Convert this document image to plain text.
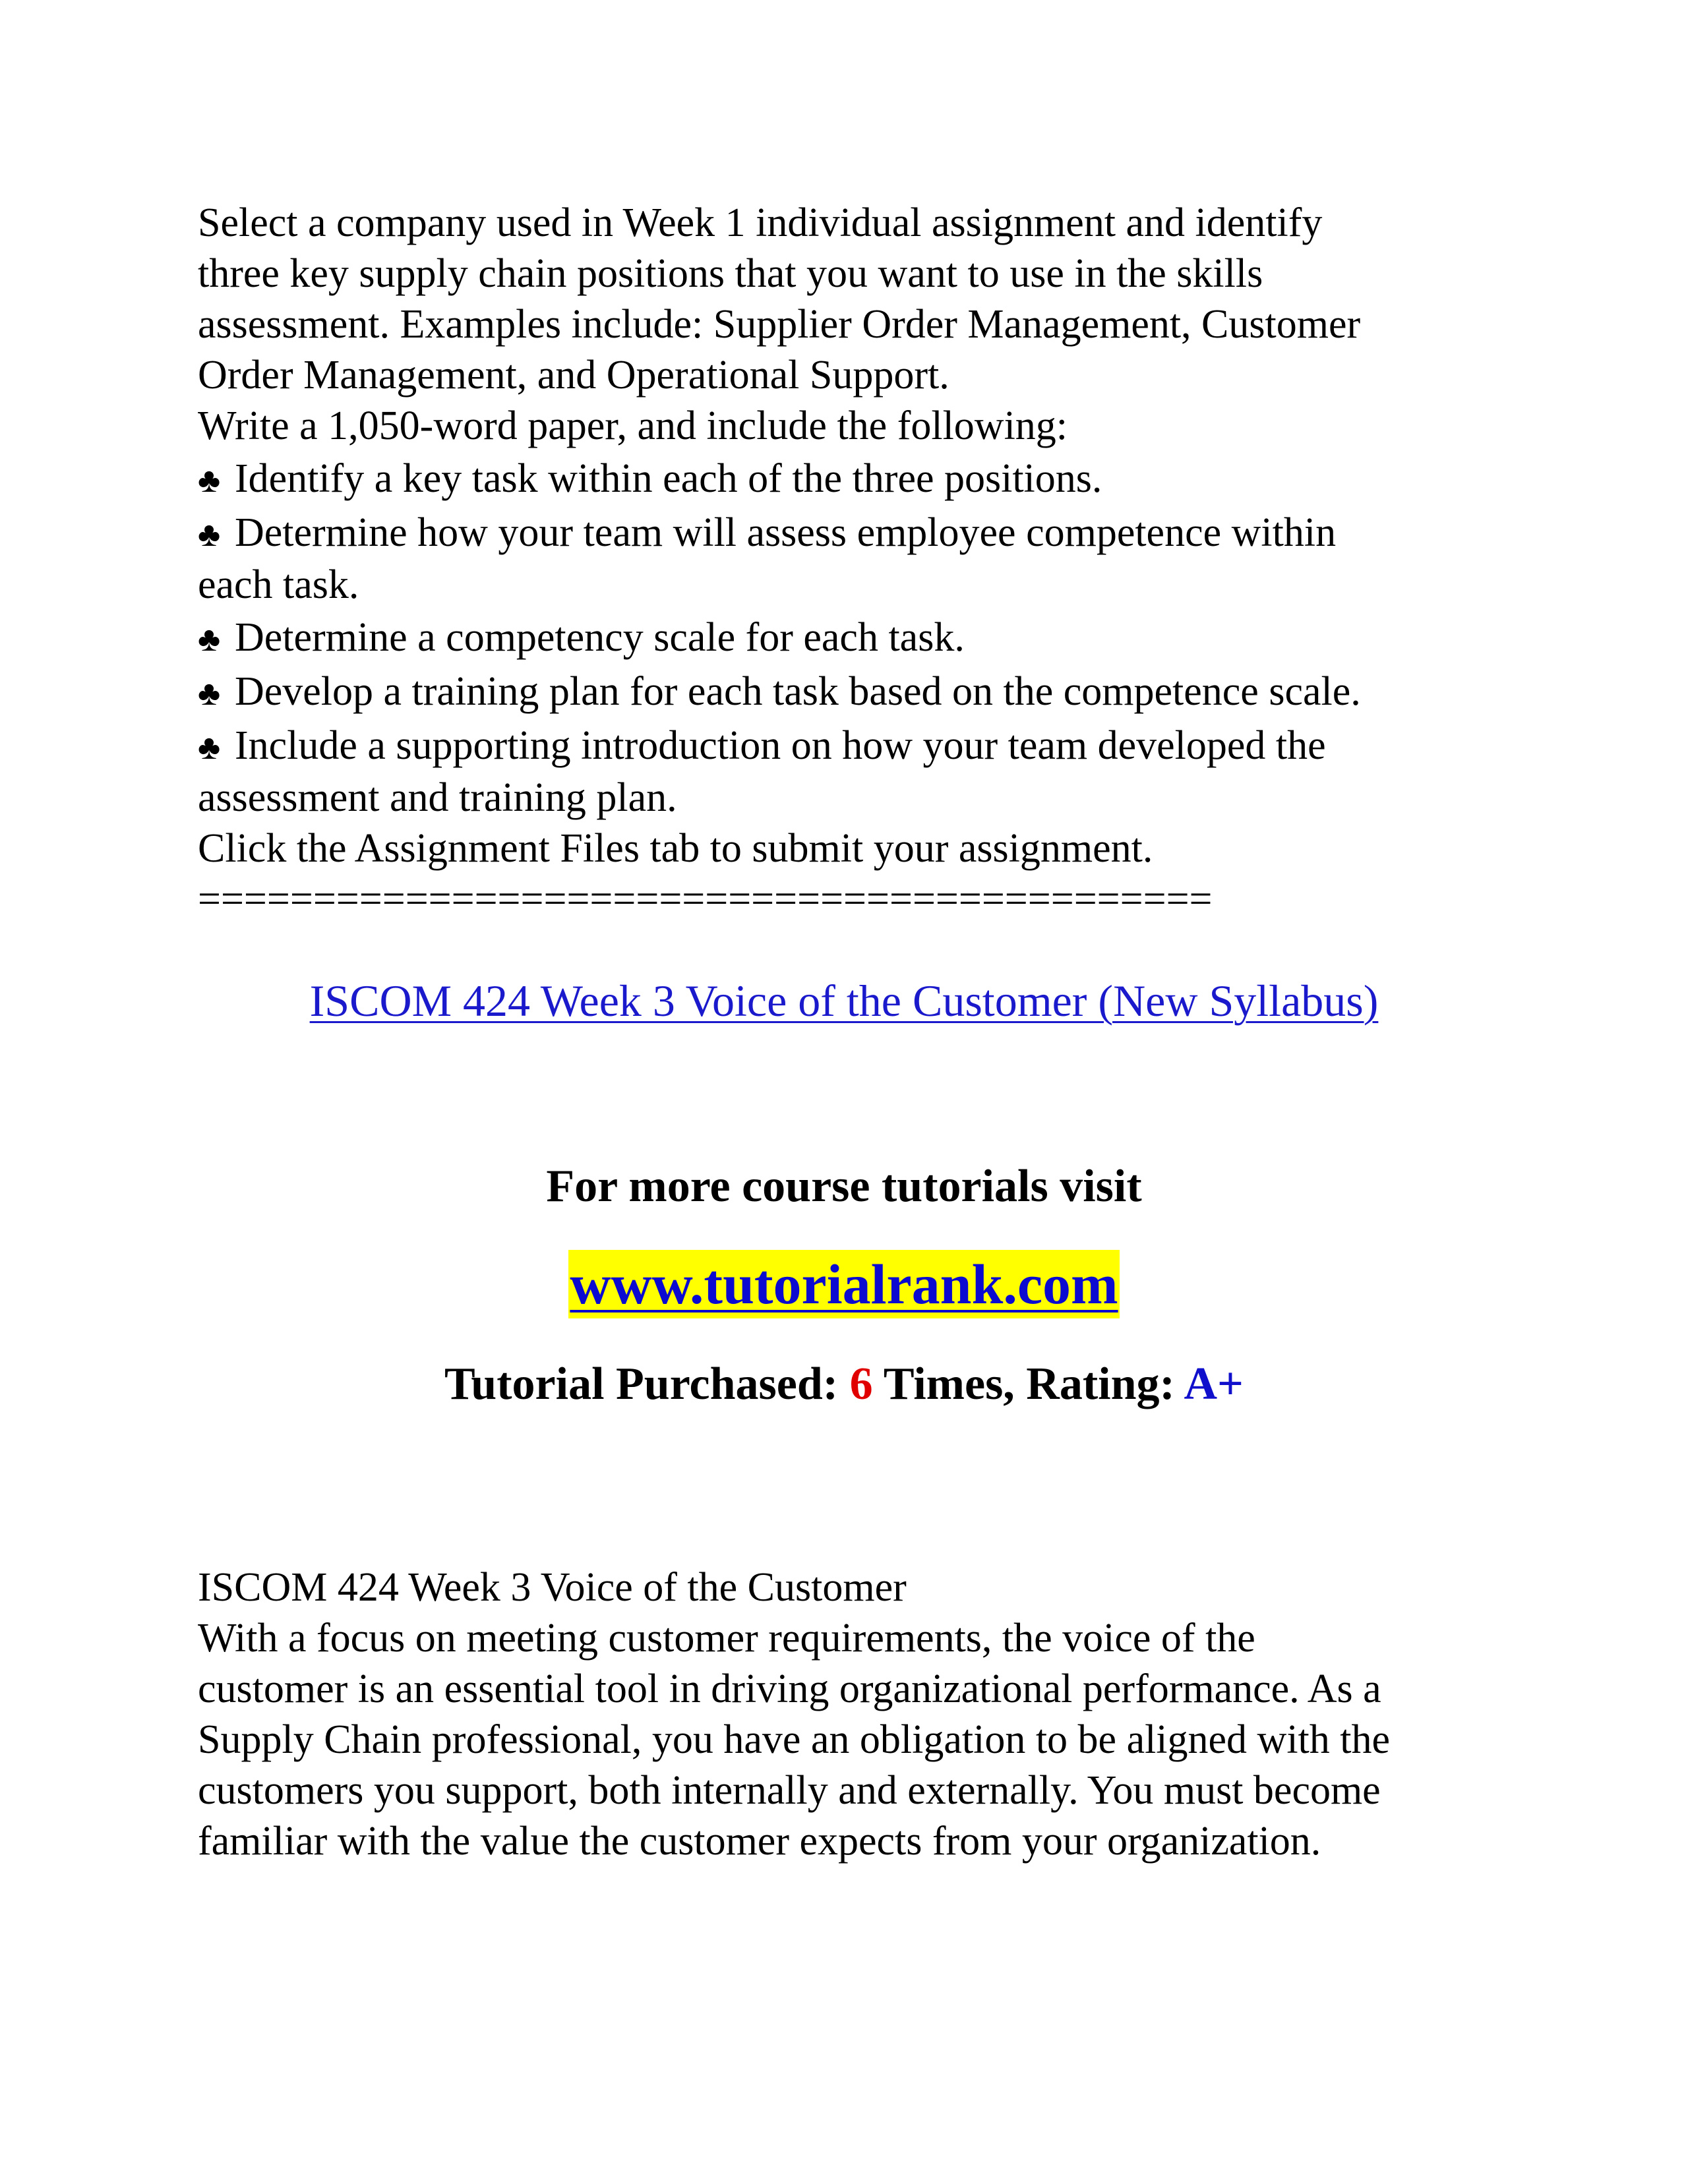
Select a company used in Week 1 individual assignment and identify
three key supply chain positions that you want to use in the skills
assessment. Examples include: Supplier Order Management, Customer
Order Management, and Operational Support.
Write a 1,050-word paper, and include the following:
♣ Identify a key task within each of the three positions.
♣ Determine how your team will assess employee competence within
each task.
♣ Determine a competency scale for each task.
♣ Develop a training plan for each task based on the competence scale.
♣ Include a supporting introduction on how your team developed the
assessment and training plan.
Click the Assignment Files tab to submit your assignment.
============================================
ISCOM 424 Week 3 Voice of the Customer (New Syllabus)
For more course tutorials visit
www.tutorialrank.com
Tutorial Purchased: 6 Times, Rating: A+
ISCOM 424 Week 3 Voice of the Customer
With a focus on meeting customer requirements, the voice of the
customer is an essential tool in driving organizational performance. As a
Supply Chain professional, you have an obligation to be aligned with the
customers you support, both internally and externally. You must become
familiar with the value the customer expects from your organization.
